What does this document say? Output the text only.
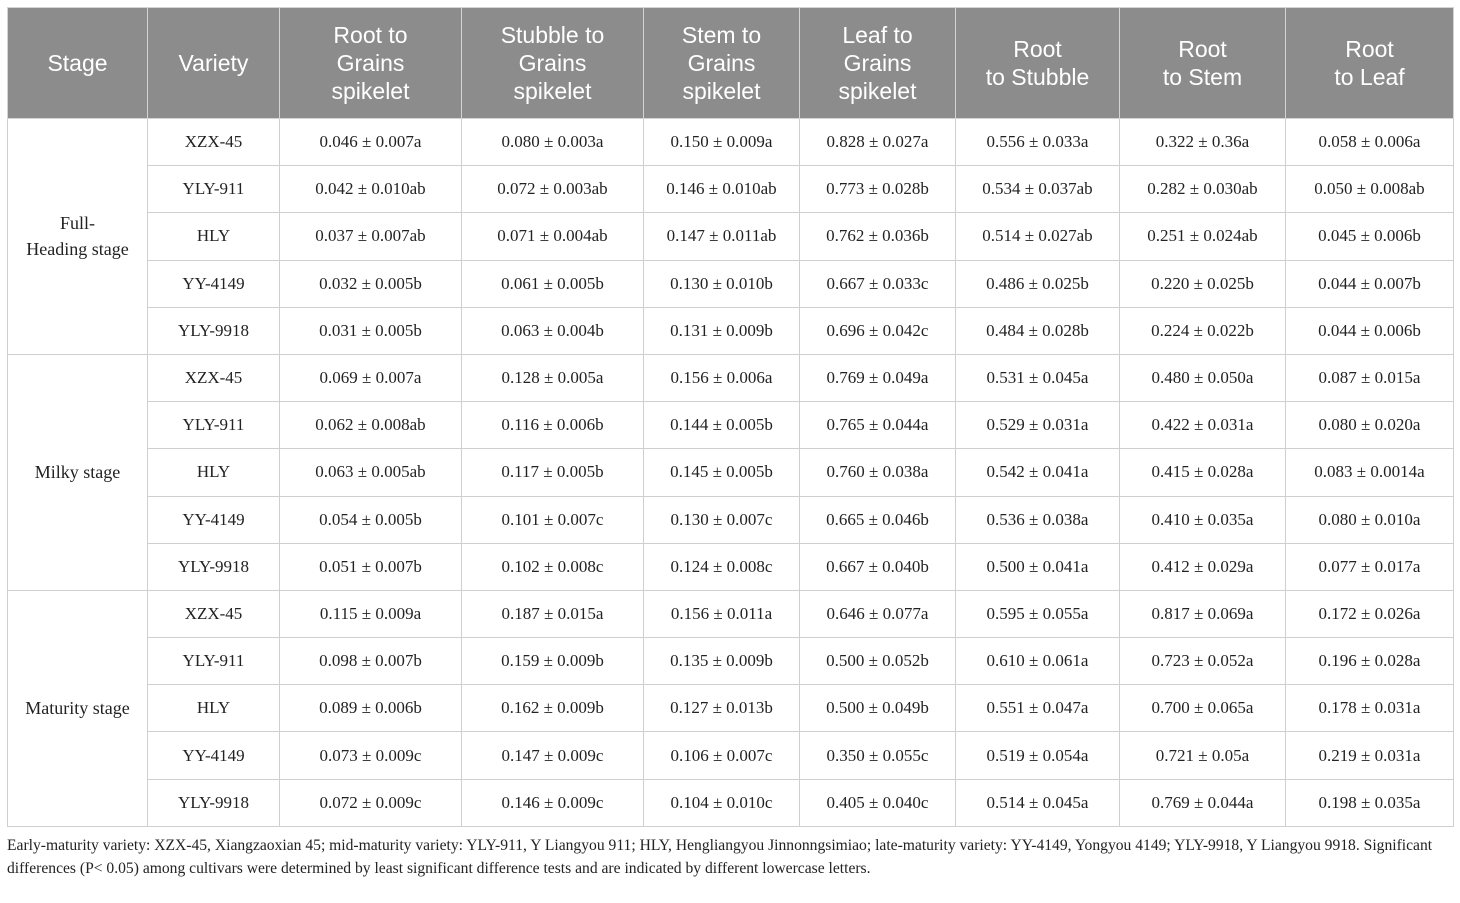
Stage	Variety	Root to
Grains
spikelet	Stubble to
Grains
spikelet	Stem to
Grains
spikelet	Leaf to
Grains
spikelet	Root
to Stubble	Root
to Stem	Root
to Leaf
Full-
Heading stage	XZX-45	0.046 ± 0.007a	0.080 ± 0.003a	0.150 ± 0.009a	0.828 ± 0.027a	0.556 ± 0.033a	0.322 ± 0.36a	0.058 ± 0.006a
	YLY-911	0.042 ± 0.010ab	0.072 ± 0.003ab	0.146 ± 0.010ab	0.773 ± 0.028b	0.534 ± 0.037ab	0.282 ± 0.030ab	0.050 ± 0.008ab
	HLY	0.037 ± 0.007ab	0.071 ± 0.004ab	0.147 ± 0.011ab	0.762 ± 0.036b	0.514 ± 0.027ab	0.251 ± 0.024ab	0.045 ± 0.006b
	YY-4149	0.032 ± 0.005b	0.061 ± 0.005b	0.130 ± 0.010b	0.667 ± 0.033c	0.486 ± 0.025b	0.220 ± 0.025b	0.044 ± 0.007b
	YLY-9918	0.031 ± 0.005b	0.063 ± 0.004b	0.131 ± 0.009b	0.696 ± 0.042c	0.484 ± 0.028b	0.224 ± 0.022b	0.044 ± 0.006b
Milky stage	XZX-45	0.069 ± 0.007a	0.128 ± 0.005a	0.156 ± 0.006a	0.769 ± 0.049a	0.531 ± 0.045a	0.480 ± 0.050a	0.087 ± 0.015a
	YLY-911	0.062 ± 0.008ab	0.116 ± 0.006b	0.144 ± 0.005b	0.765 ± 0.044a	0.529 ± 0.031a	0.422 ± 0.031a	0.080 ± 0.020a
	HLY	0.063 ± 0.005ab	0.117 ± 0.005b	0.145 ± 0.005b	0.760 ± 0.038a	0.542 ± 0.041a	0.415 ± 0.028a	0.083 ± 0.0014a
	YY-4149	0.054 ± 0.005b	0.101 ± 0.007c	0.130 ± 0.007c	0.665 ± 0.046b	0.536 ± 0.038a	0.410 ± 0.035a	0.080 ± 0.010a
	YLY-9918	0.051 ± 0.007b	0.102 ± 0.008c	0.124 ± 0.008c	0.667 ± 0.040b	0.500 ± 0.041a	0.412 ± 0.029a	0.077 ± 0.017a
Maturity stage	XZX-45	0.115 ± 0.009a	0.187 ± 0.015a	0.156 ± 0.011a	0.646 ± 0.077a	0.595 ± 0.055a	0.817 ± 0.069a	0.172 ± 0.026a
	YLY-911	0.098 ± 0.007b	0.159 ± 0.009b	0.135 ± 0.009b	0.500 ± 0.052b	0.610 ± 0.061a	0.723 ± 0.052a	0.196 ± 0.028a
	HLY	0.089 ± 0.006b	0.162 ± 0.009b	0.127 ± 0.013b	0.500 ± 0.049b	0.551 ± 0.047a	0.700 ± 0.065a	0.178 ± 0.031a
	YY-4149	0.073 ± 0.009c	0.147 ± 0.009c	0.106 ± 0.007c	0.350 ± 0.055c	0.519 ± 0.054a	0.721 ± 0.05a	0.219 ± 0.031a
	YLY-9918	0.072 ± 0.009c	0.146 ± 0.009c	0.104 ± 0.010c	0.405 ± 0.040c	0.514 ± 0.045a	0.769 ± 0.044a	0.198 ± 0.035a
Early-maturity variety: XZX-45, Xiangzaoxian 45; mid-maturity variety: YLY-911, Y Liangyou 911; HLY, Hengliangyou Jinnonngsimiao; late-maturity variety: YY-4149, Yongyou 4149; YLY-9918, Y Liangyou 9918. Significant differences (P< 0.05) among cultivars were determined by least significant difference tests and are indicated by different lowercase letters.
